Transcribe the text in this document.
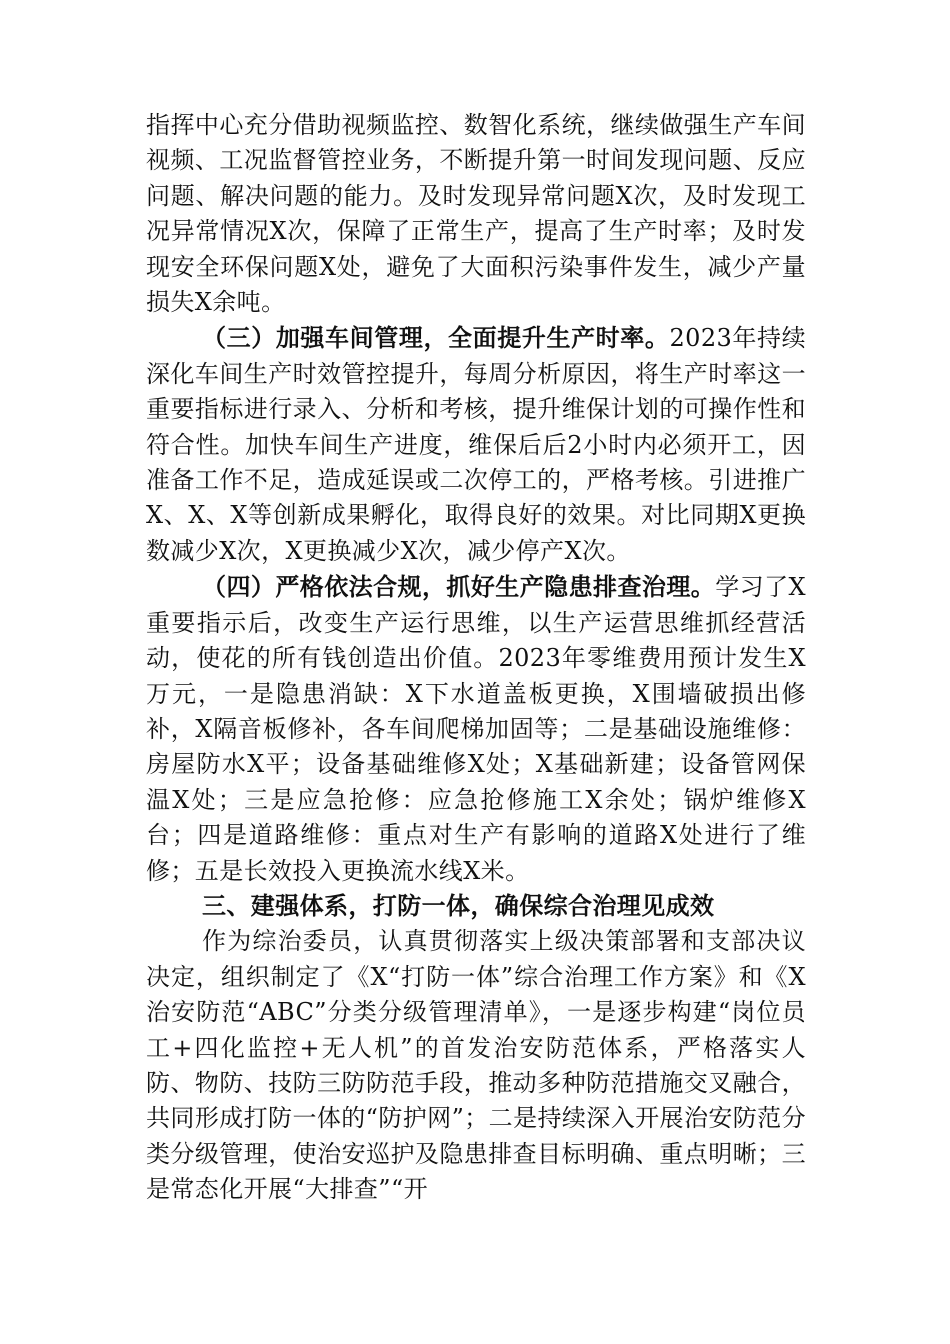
指挥中心充分借助视频监控、数智化系统，继续做强生产车间视频、工况监督管控业务，不断提升第一时间发现问题、反应问题、解决问题的能力。及时发现异常问题X次，及时发现工况异常情况X次，保障了正常生产，提高了生产时率；及时发现安全环保问题X处，避免了大面积污染事件发生，减少产量损失X余吨。

（三）加强车间管理，全面提升生产时率。2023年持续深化车间生产时效管控提升，每周分析原因，将生产时率这一重要指标进行录入、分析和考核，提升维保计划的可操作性和符合性。加快车间生产进度，维保后后2小时内必须开工，因准备工作不足，造成延误或二次停工的，严格考核。引进推广X、X、X等创新成果孵化，取得良好的效果。对比同期X更换数减少X次，X更换减少X次，减少停产X次。

（四）严格依法合规，抓好生产隐患排查治理。学习了X重要指示后，改变生产运行思维，以生产运营思维抓经营活动，使花的所有钱创造出价值。2023年零维费用预计发生X万元，一是隐患消缺：X下水道盖板更换，X围墙破损出修补，X隔音板修补，各车间爬梯加固等；二是基础设施维修：房屋防水X平；设备基础维修X处；X基础新建；设备管网保温X处；三是应急抢修：应急抢修施工X余处；锅炉维修X台；四是道路维修：重点对生产有影响的道路X处进行了维修；五是长效投入更换流水线X米。

三、建强体系，打防一体，确保综合治理见成效

作为综治委员，认真贯彻落实上级决策部署和支部决议决定，组织制定了《X“打防一体”综合治理工作方案》和《X治安防范“ABC”分类分级管理清单》，一是逐步构建“岗位员工+四化监控+无人机”的首发治安防范体系，严格落实人防、物防、技防三防防范手段，推动多种防范措施交叉融合，共同形成打防一体的“防护网”；二是持续深入开展治安防范分类分级管理，使治安巡护及隐患排查目标明确、重点明晰；三是常态化开展“大排查”“开
